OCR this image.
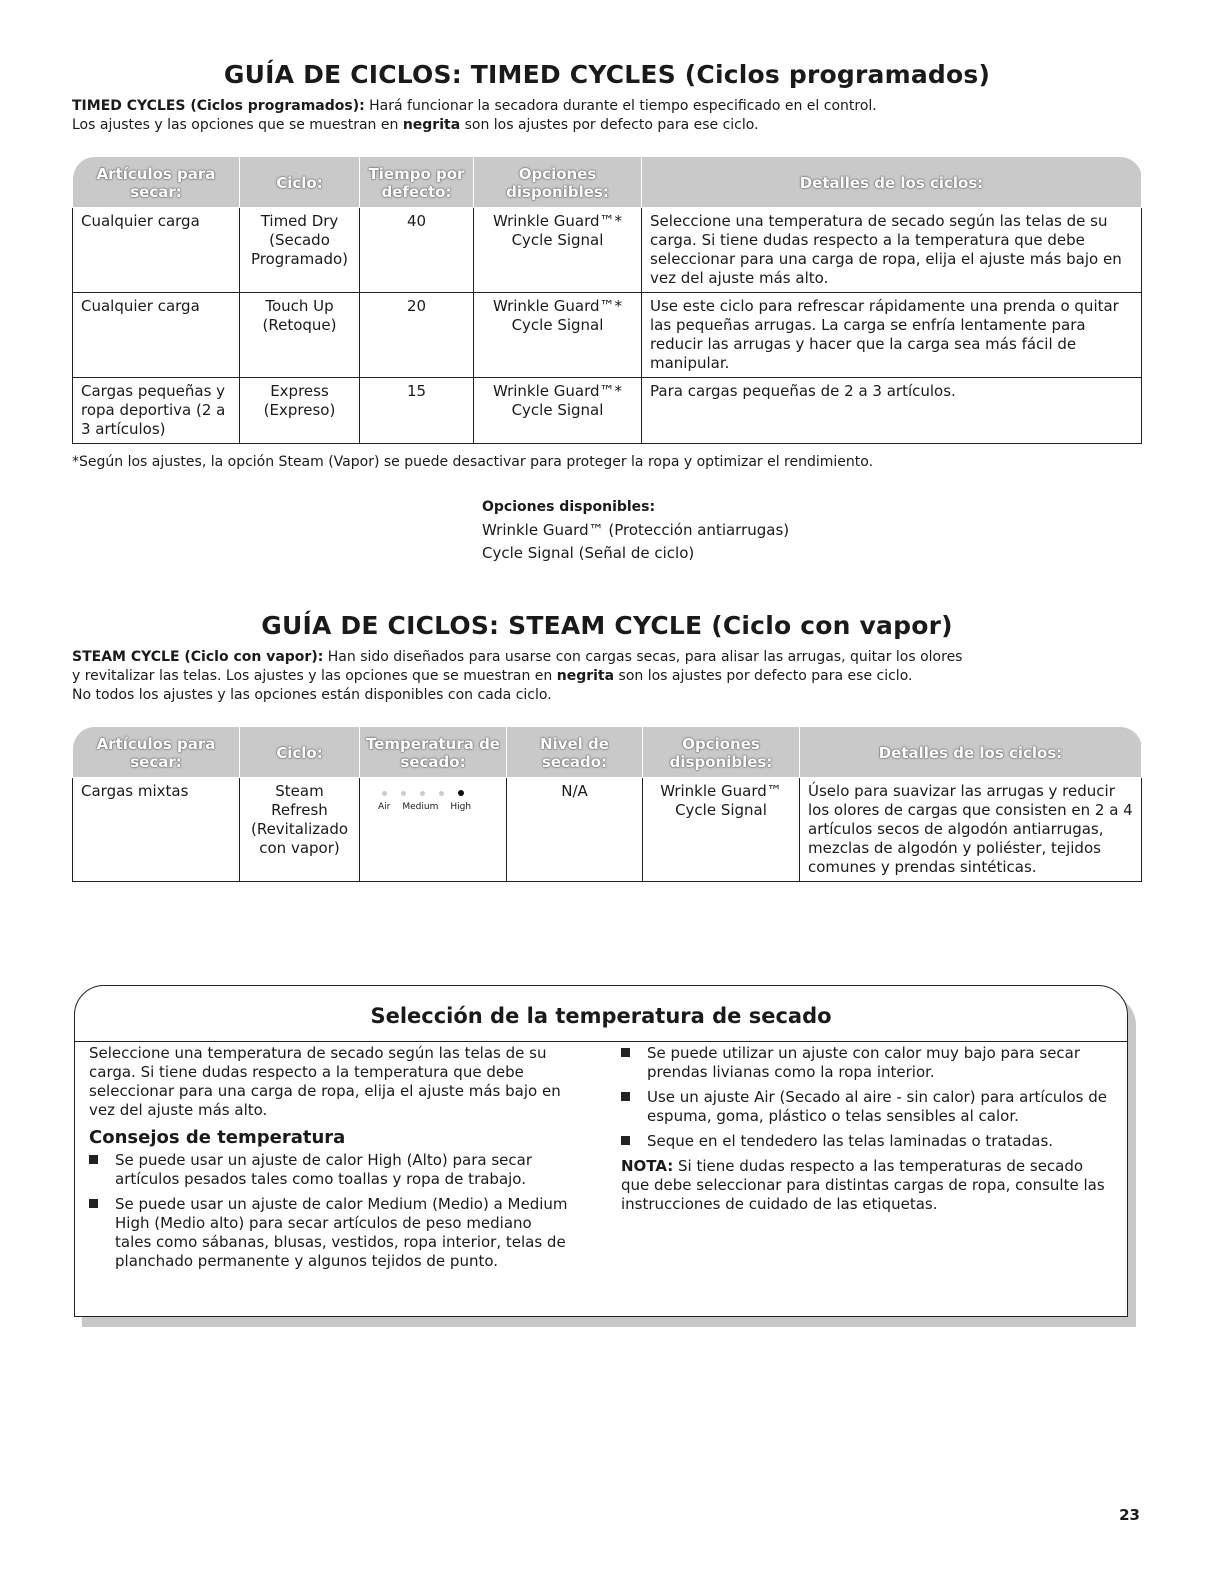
GUÍA DE CICLOS: TIMED CYCLES (Ciclos programados)
TIMED CYCLES (Ciclos programados): Hará funcionar la secadora durante el tiempo especificado en el control.
Los ajustes y las opciones que se muestran en negrita son los ajustes por defecto para ese ciclo.
Artículos para secar:	Ciclo:	Tiempo por defecto:	Opciones disponibles:	Detalles de los ciclos:
Cualquier carga	Timed Dry (Secado Programado)	40	Wrinkle Guard™* Cycle Signal	Seleccione una temperatura de secado según las telas de su carga. Si tiene dudas respecto a la temperatura que debe seleccionar para una carga de ropa, elija el ajuste más bajo en vez del ajuste más alto.
Cualquier carga	Touch Up (Retoque)	20	Wrinkle Guard™* Cycle Signal	Use este ciclo para refrescar rápidamente una prenda o quitar las pequeñas arrugas. La carga se enfría lentamente para reducir las arrugas y hacer que la carga sea más fácil de manipular.
Cargas pequeñas y ropa deportiva (2 a 3 artículos)	Express (Expreso)	15	Wrinkle Guard™* Cycle Signal	Para cargas pequeñas de 2 a 3 artículos.
*Según los ajustes, la opción Steam (Vapor) se puede desactivar para proteger la ropa y optimizar el rendimiento.
Opciones disponibles:
Wrinkle Guard™ (Protección antiarrugas)
Cycle Signal (Señal de ciclo)
GUÍA DE CICLOS: STEAM CYCLE (Ciclo con vapor)
STEAM CYCLE (Ciclo con vapor): Han sido diseñados para usarse con cargas secas, para alisar las arrugas, quitar los olores
y revitalizar las telas. Los ajustes y las opciones que se muestran en negrita son los ajustes por defecto para ese ciclo.
No todos los ajustes y las opciones están disponibles con cada ciclo.
Artículos para secar:	Ciclo:	Temperatura de secado:	Nivel de secado:	Opciones disponibles:	Detalles de los ciclos:
Cargas mixtas	Steam Refresh (Revitalizado con vapor)	Air Medium High	N/A	Wrinkle Guard™ Cycle Signal	Úselo para suavizar las arrugas y reducir los olores de cargas que consisten en 2 a 4 artículos secos de algodón antiarrugas, mezclas de algodón y poliéster, tejidos comunes y prendas sintéticas.
Selección de la temperatura de secado
Seleccione una temperatura de secado según las telas de su carga. Si tiene dudas respecto a la temperatura que debe seleccionar para una carga de ropa, elija el ajuste más bajo en vez del ajuste más alto.
Consejos de temperatura
Se puede usar un ajuste de calor High (Alto) para secar artículos pesados tales como toallas y ropa de trabajo.
Se puede usar un ajuste de calor Medium (Medio) a Medium High (Medio alto) para secar artículos de peso mediano tales como sábanas, blusas, vestidos, ropa interior, telas de planchado permanente y algunos tejidos de punto.
Se puede utilizar un ajuste con calor muy bajo para secar prendas livianas como la ropa interior.
Use un ajuste Air (Secado al aire - sin calor) para artículos de espuma, goma, plástico o telas sensibles al calor.
Seque en el tendedero las telas laminadas o tratadas.
NOTA: Si tiene dudas respecto a las temperaturas de secado que debe seleccionar para distintas cargas de ropa, consulte las instrucciones de cuidado de las etiquetas.
23
